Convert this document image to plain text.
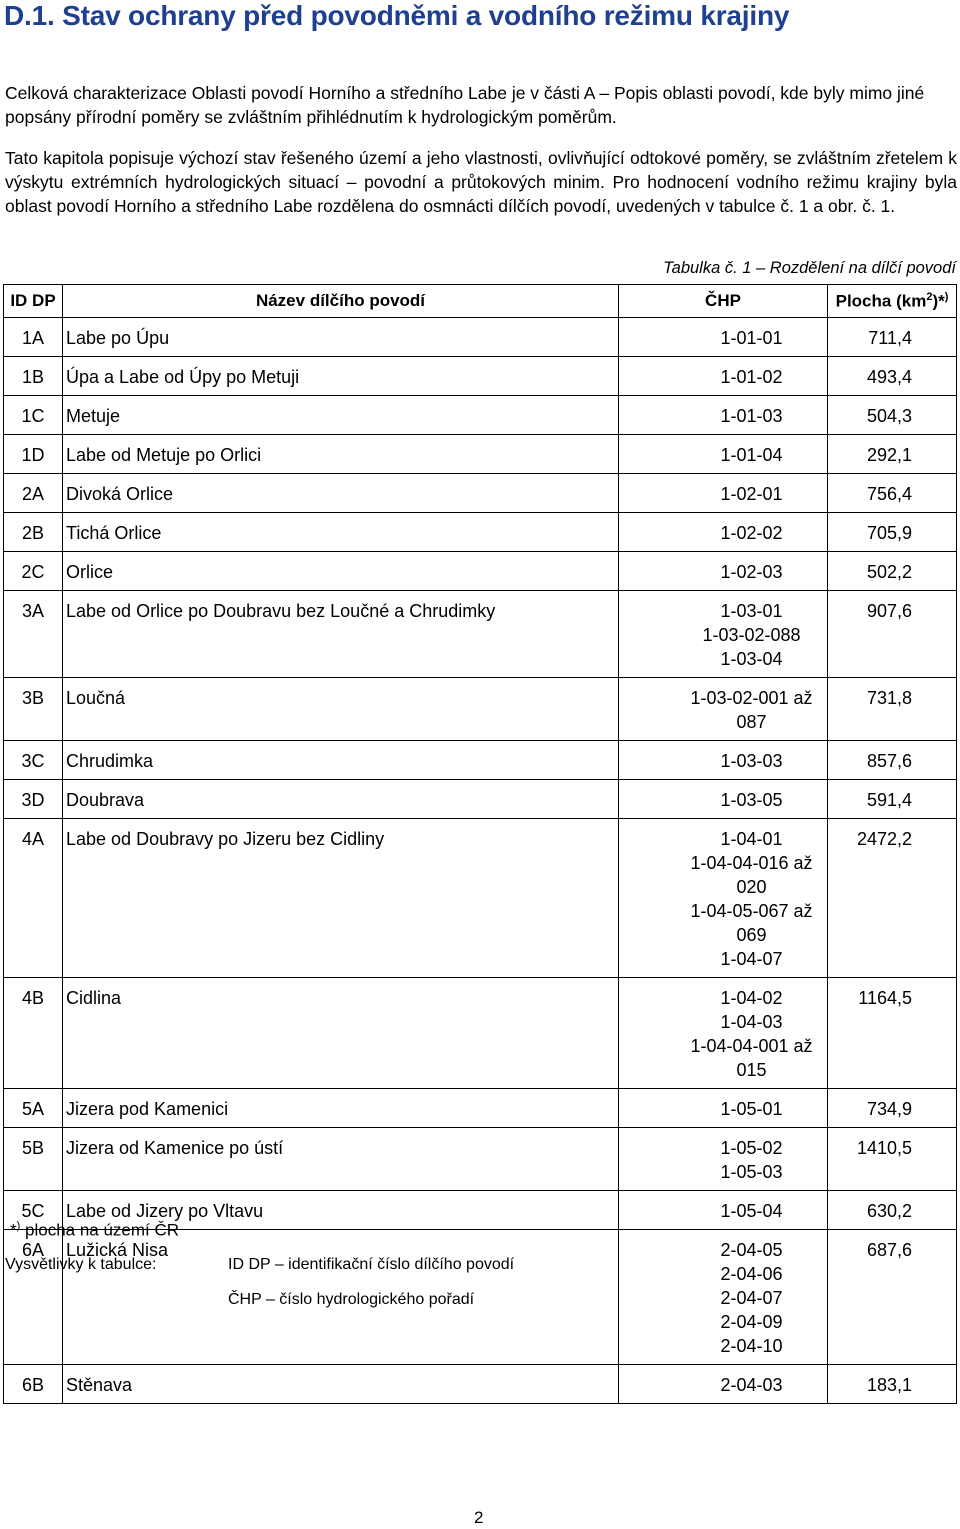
D.1. Stav ochrany před povodněmi a vodního režimu krajiny

Celková charakterizace Oblasti povodí Horního a středního Labe je v části A – Popis oblasti povodí, kde byly mimo jiné popsány přírodní poměry se zvláštním přihlédnutím k hydrologickým poměrům.

Tato kapitola popisuje výchozí stav řešeného území a jeho vlastnosti, ovlivňující odtokové poměry, se zvláštním zřetelem k výskytu extrémních hydrologických situací – povodní a průtokových minim. Pro hodnocení vodního režimu krajiny byla oblast povodí Horního a středního Labe rozdělena do osmnácti dílčích povodí, uvedených v tabulce č. 1 a obr. č. 1.

Tabulka č. 1 – Rozdělení na dílčí povodí
ID DP	Název dílčího povodí	ČHP	Plocha $(km^2)*^)$
1A	Labe po Úpu	1-01-01	711,4
1B	Úpa a Labe od Úpy po Metuji	1-01-02	493,4
1C	Metuje	1-01-03	504,3
1D	Labe od Metuje po Orlici	1-01-04	292,1
2A	Divoká Orlice	1-02-01	756,4
2B	Tichá Orlice	1-02-02	705,9
2C	Orlice	1-02-03	502,2
3A	Labe od Orlice po Doubravu bez Loučné a Chrudimky	1-03-01
1-03-02-088
1-03-04	907,6
3B	Loučná	1-03-02-001 až 087	731,8
3C	Chrudimka	1-03-03	857,6
3D	Doubrava	1-03-05	591,4
4A	Labe od Doubravy po Jizeru bez Cidliny	1-04-01
1-04-04-016 až 020
1-04-05-067 až 069
1-04-07	2472,2
4B	Cidlina	1-04-02
1-04-03
1-04-04-001 až 015	1164,5
5A	Jizera pod Kamenici	1-05-01	734,9
5B	Jizera od Kamenice po ústí	1-05-02
1-05-03	1410,5
5C	Labe od Jizery po Vltavu	1-05-04	630,2
6A	Lužická Nisa	2-04-05
2-04-06
2-04-07
2-04-09
2-04-10	687,6
6B	Stěnava	2-04-03	183,1
*) plocha na území ČR
Vysvětlivky k tabulce:	ID DP – identifikační číslo dílčího povodí
ČHP – číslo hydrologického pořadí
2
